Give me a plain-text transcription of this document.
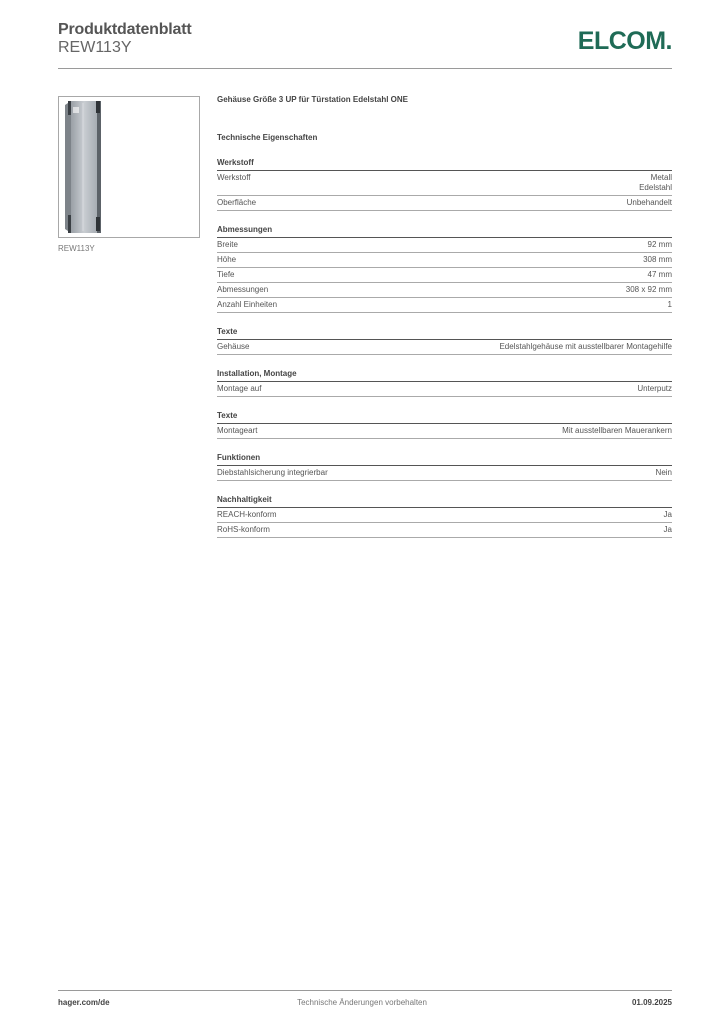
Produktdatenblatt
REW113Y	ELCOM.
REW113Y

Gehäuse Größe 3 UP für Türstation Edelstahl ONE

Technische Eigenschaften
Werkstoff
Werkstoff	Metall
Edelstahl
Oberfläche	Unbehandelt
Abmessungen
Breite	92 mm
Höhe	308 mm
Tiefe	47 mm
Abmessungen	308 x 92 mm
Anzahl Einheiten	1
Texte
Gehäuse	Edelstahlgehäuse mit ausstellbarer Montagehilfe
Installation, Montage
Montage auf	Unterputz
Texte
Montageart	Mit ausstellbaren Mauerankern
Funktionen
Diebstahlsicherung integrierbar	Nein
Nachhaltigkeit
REACH-konform	Ja
RoHS-konform	Ja
hager.com/de	Technische Änderungen vorbehalten	01.09.2025
